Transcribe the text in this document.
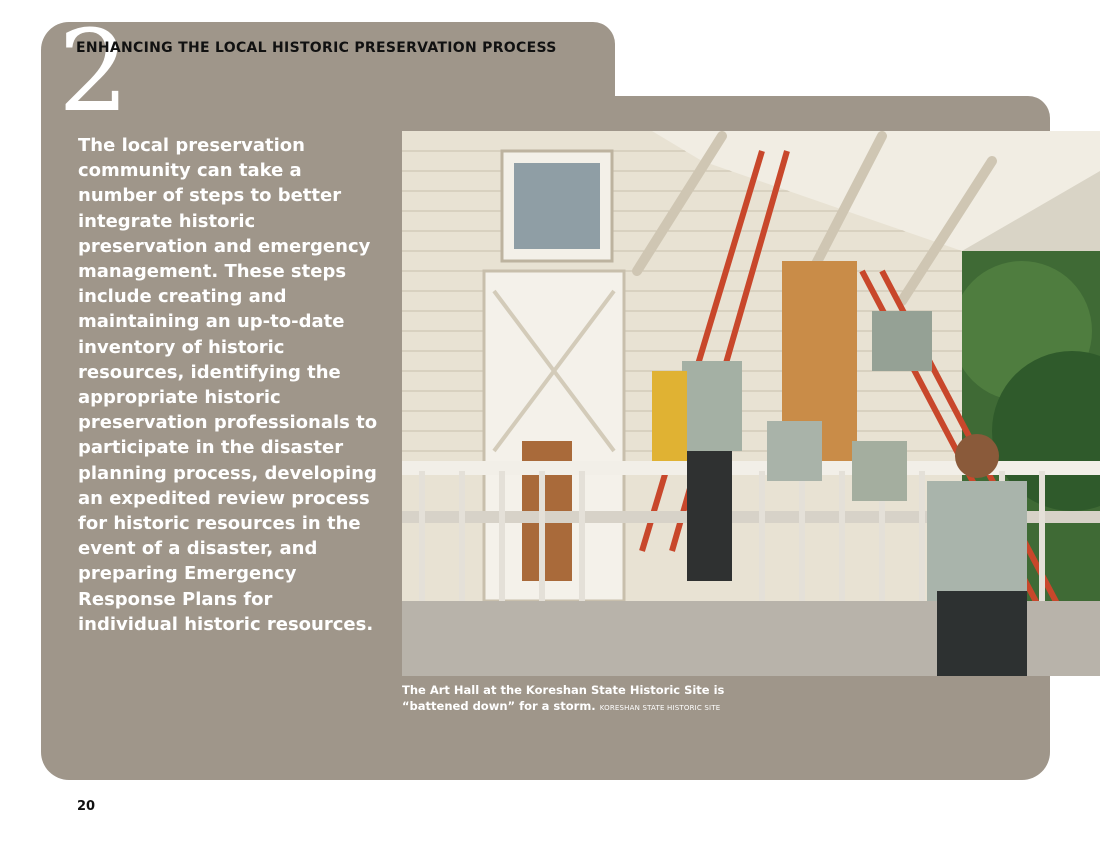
2
ENHANCING THE LOCAL HISTORIC PRESERVATION PROCESS
The local preservation community can take a number of steps to better integrate historic preservation and emergency management. These steps include creating and maintaining an up-to-date inventory of historic resources, identifying the appropriate historic preservation professionals to participate in the disaster planning process, developing an expedited review process for historic resources in the event of a disaster, and preparing Emergency Response Plans for individual historic resources.
The Art Hall at the Koreshan State Historic Site is “battened down” for a storm. KORESHAN STATE HISTORIC SITE
20
